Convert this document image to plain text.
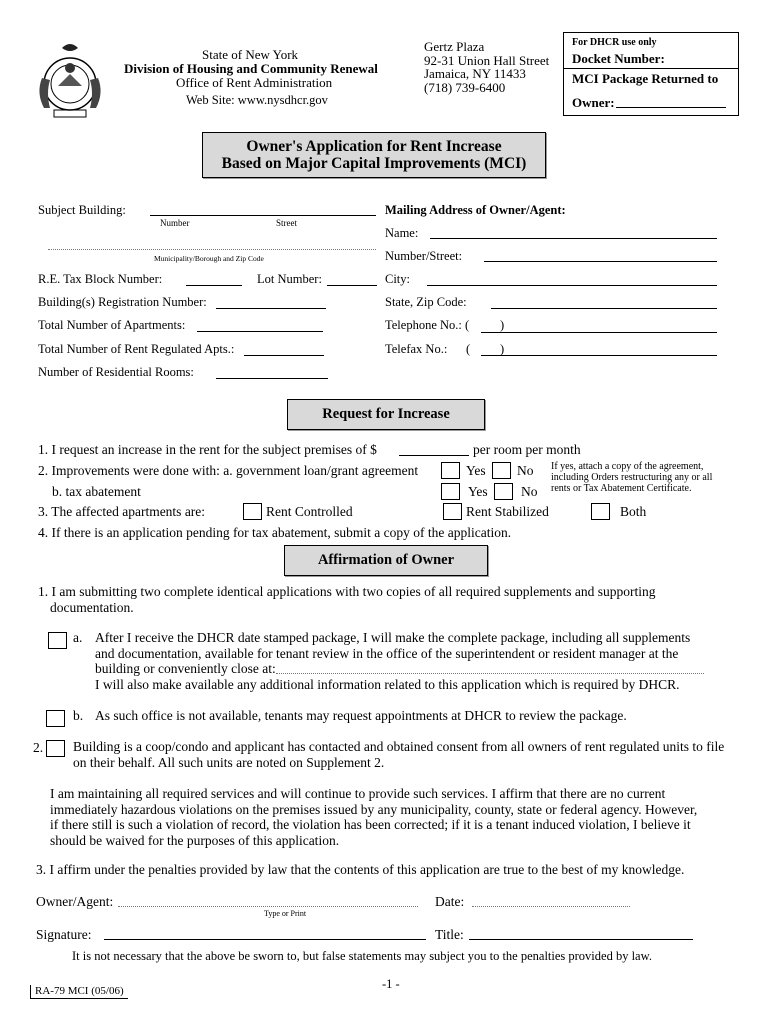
State of New York
Division of Housing and Community Renewal
Office of Rent Administration
Web Site: www.nysdhcr.gov
Gertz Plaza
92-31 Union Hall Street
Jamaica, NY 11433
(718) 739-6400
For DHCR use only
Docket Number:
MCI Package Returned to
Owner:
Owner's Application for Rent Increase
Based on Major Capital Improvements (MCI)
Subject Building:
Number	Street
Municipality/Borough and Zip Code
R.E. Tax Block Number:	Lot Number:
Building(s) Registration Number:
Total Number of Apartments:
Total Number of Rent Regulated Apts.:
Number of Residential Rooms:
Mailing Address of Owner/Agent:
Name:
Number/Street:
City:
State, Zip Code:
Telephone No.: ( )
Telefax No.: ( )
Request for Increase
1. I request an increase in the rent for the subject premises of $	per room per month
2. Improvements were done with: a. government loan/grant agreement	Yes No If yes, attach a copy of the agreement,
including Orders restructuring any or all
rents or Tax Abatement Certificate.
b. tax abatement	Yes No
3. The affected apartments are:	Rent Controlled	Rent Stabilized	Both
4. If there is an application pending for tax abatement, submit a copy of the application.
Affirmation of Owner
1. I am submitting two complete identical applications with two copies of all required supplements and supporting
documentation.
a. After I receive the DHCR date stamped package, I will make the complete package, including all supplements
and documentation, available for tenant review in the office of the superintendent or resident manager at the
building or conveniently close at:
I will also make available any additional information related to this application which is required by DHCR.
b. As such office is not available, tenants may request appointments at DHCR to review the package.
2. Building is a coop/condo and applicant has contacted and obtained consent from all owners of rent regulated units to file
on their behalf. All such units are noted on Supplement 2.
I am maintaining all required services and will continue to provide such services. I affirm that there are no current
immediately hazardous violations on the premises issued by any municipality, county, state or federal agency. However,
if there still is such a violation of record, the violation has been corrected; if it is a tenant induced violation, I believe it
should be waived for the purposes of this application.
3. I affirm under the penalties provided by law that the contents of this application are true to the best of my knowledge.
Owner/Agent:
Type or Print
Date:
Signature:	Title:
It is not necessary that the above be sworn to, but false statements may subject you to the penalties provided by law.
RA-79 MCI (05/06)	-1 -
